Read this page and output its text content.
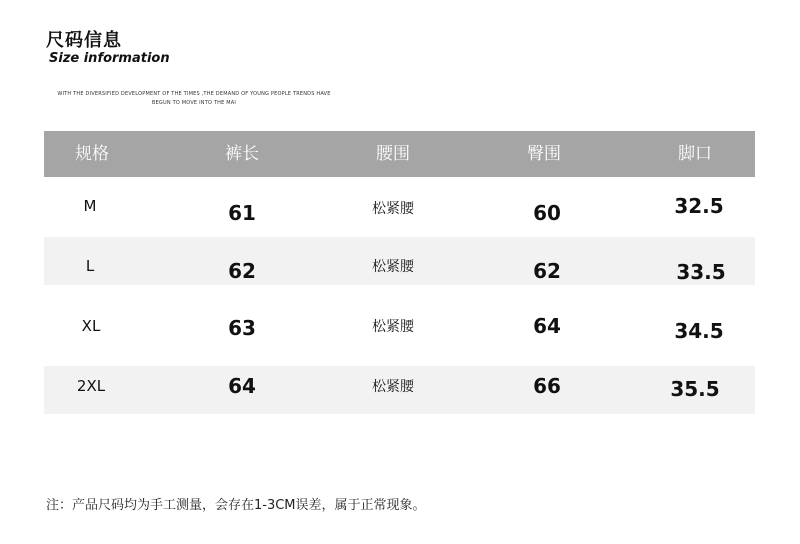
尺码信息
Size information
WITH THE DIVERSIFIED DEVELOPMENT OF THE TIMES ,THE DEMAND OF YOUNG PEOPLE TRENDS HAVE
BEGUN TO MOVE INTO THE MAI
规格	裤长	腰围	臀围	脚口
M	61	松紧腰	60	32.5
L	62	松紧腰	62	33.5
XL	63	松紧腰	64	34.5
2XL	64	松紧腰	66	35.5
注：产品尺码均为手工测量，会存在1-3CM误差，属于正常现象。
